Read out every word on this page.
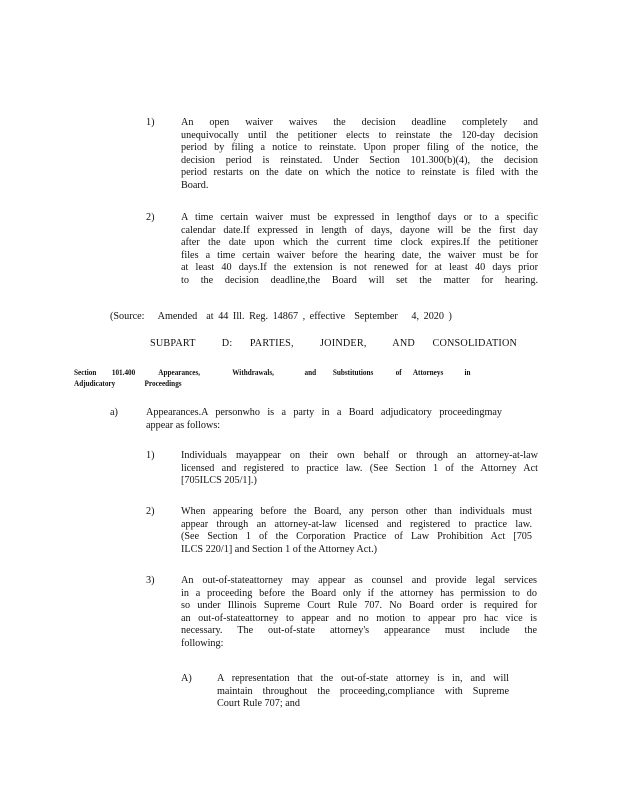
1)	An open waiver waives the decision deadline completely and
unequivocally until the petitioner elects to reinstate the 120-day decision
period by filing a notice to reinstate. Upon proper filing of the notice, the
decision period is reinstated. Under Section 101.300(b)(4), the decision
period restarts on the date on which the notice to reinstate is filed with the
Board.
2)	A time certain waiver must be expressed in lengthof days or to a specific
calendar date.If expressed in length of days, dayone will be the first day
after the date upon which the current time clock expires.If the petitioner
files a time certain waiver before the hearing date, the waiver must be for
at least 40 days.If the extension is not renewed for at least 40 days prior
to the decision deadline,the Board will set the matter for hearing.
(Source:   Amended  at 44 Ill. Reg. 14867 , effective  September   4, 2020 )
SUBPART   D:  PARTIES,   JOINDER,   AND  CONSOLIDATION
Section 101.400	Appearances,	Withdrawals,	and Substitutions	of Attorneys	in
Adjudicatory	Proceedings
a)	Appearances.A personwho is a party in a Board adjudicatory proceedingmay
appear as follows:
1)	Individuals mayappear on their own behalf or through an attorney-at-law
licensed and registered to practice law. (See Section 1 of the Attorney Act
[705ILCS 205/1].)
2)	When appearing before the Board, any person other than individuals must
appear through an attorney-at-law licensed and registered to practice law.
(See Section 1 of the Corporation Practice of Law Prohibition Act [705
ILCS 220/1] and Section 1 of the Attorney Act.)
3)	An out-of-stateattorney may appear as counsel and provide legal services
in a proceeding before the Board only if the attorney has permission to do
so under Illinois Supreme Court Rule 707. No Board order is required for
an out-of-stateattorney to appear and no motion to appear pro hac vice is
necessary. The out-of-state attorney's appearance must include the
following:
A) A representation that the out-of-state attorney is in, and will
maintain throughout the proceeding,compliance with Supreme
Court Rule 707; and
